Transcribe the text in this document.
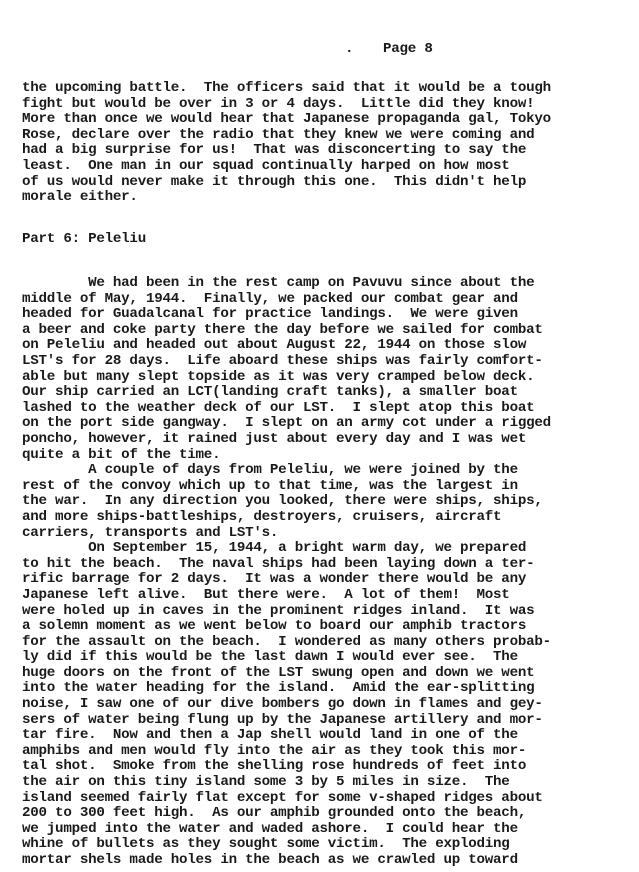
. Page 8
the upcoming battle.  The officers said that it would be a tough
fight but would be over in 3 or 4 days.  Little did they know!
More than once we would hear that Japanese propaganda gal, Tokyo
Rose, declare over the radio that they knew we were coming and
had a big surprise for us!  That was disconcerting to say the
least.  One man in our squad continually harped on how most
of us would never make it through this one.  This didn't help
morale either.
Part 6: Peleliu
We had been in the rest camp on Pavuvu since about the
middle of May, 1944.  Finally, we packed our combat gear and
headed for Guadalcanal for practice landings.  We were given
a beer and coke party there the day before we sailed for combat
on Peleliu and headed out about August 22, 1944 on those slow
LST's for 28 days.  Life aboard these ships was fairly comfort-
able but many slept topside as it was very cramped below deck.
Our ship carried an LCT(landing craft tanks), a smaller boat
lashed to the weather deck of our LST.  I slept atop this boat
on the port side gangway.  I slept on an army cot under a rigged
poncho, however, it rained just about every day and I was wet
quite a bit of the time.
A couple of days from Peleliu, we were joined by the
rest of the convoy which up to that time, was the largest in
the war.  In any direction you looked, there were ships, ships,
and more ships-battleships, destroyers, cruisers, aircraft
carriers, transports and LST's.
On September 15, 1944, a bright warm day, we prepared
to hit the beach.  The naval ships had been laying down a ter-
rific barrage for 2 days.  It was a wonder there would be any
Japanese left alive.  But there were.  A lot of them!  Most
were holed up in caves in the prominent ridges inland.  It was
a solemn moment as we went below to board our amphib tractors
for the assault on the beach.  I wondered as many others probab-
ly did if this would be the last dawn I would ever see.  The
huge doors on the front of the LST swung open and down we went
into the water heading for the island.  Amid the ear-splitting
noise, I saw one of our dive bombers go down in flames and gey-
sers of water being flung up by the Japanese artillery and mor-
tar fire.  Now and then a Jap shell would land in one of the
amphibs and men would fly into the air as they took this mor-
tal shot.  Smoke from the shelling rose hundreds of feet into
the air on this tiny island some 3 by 5 miles in size.  The
island seemed fairly flat except for some v-shaped ridges about
200 to 300 feet high.  As our amphib grounded onto the beach,
we jumped into the water and waded ashore.  I could hear the
whine of bullets as they sought some victim.  The exploding
mortar shels made holes in the beach as we crawled up toward
